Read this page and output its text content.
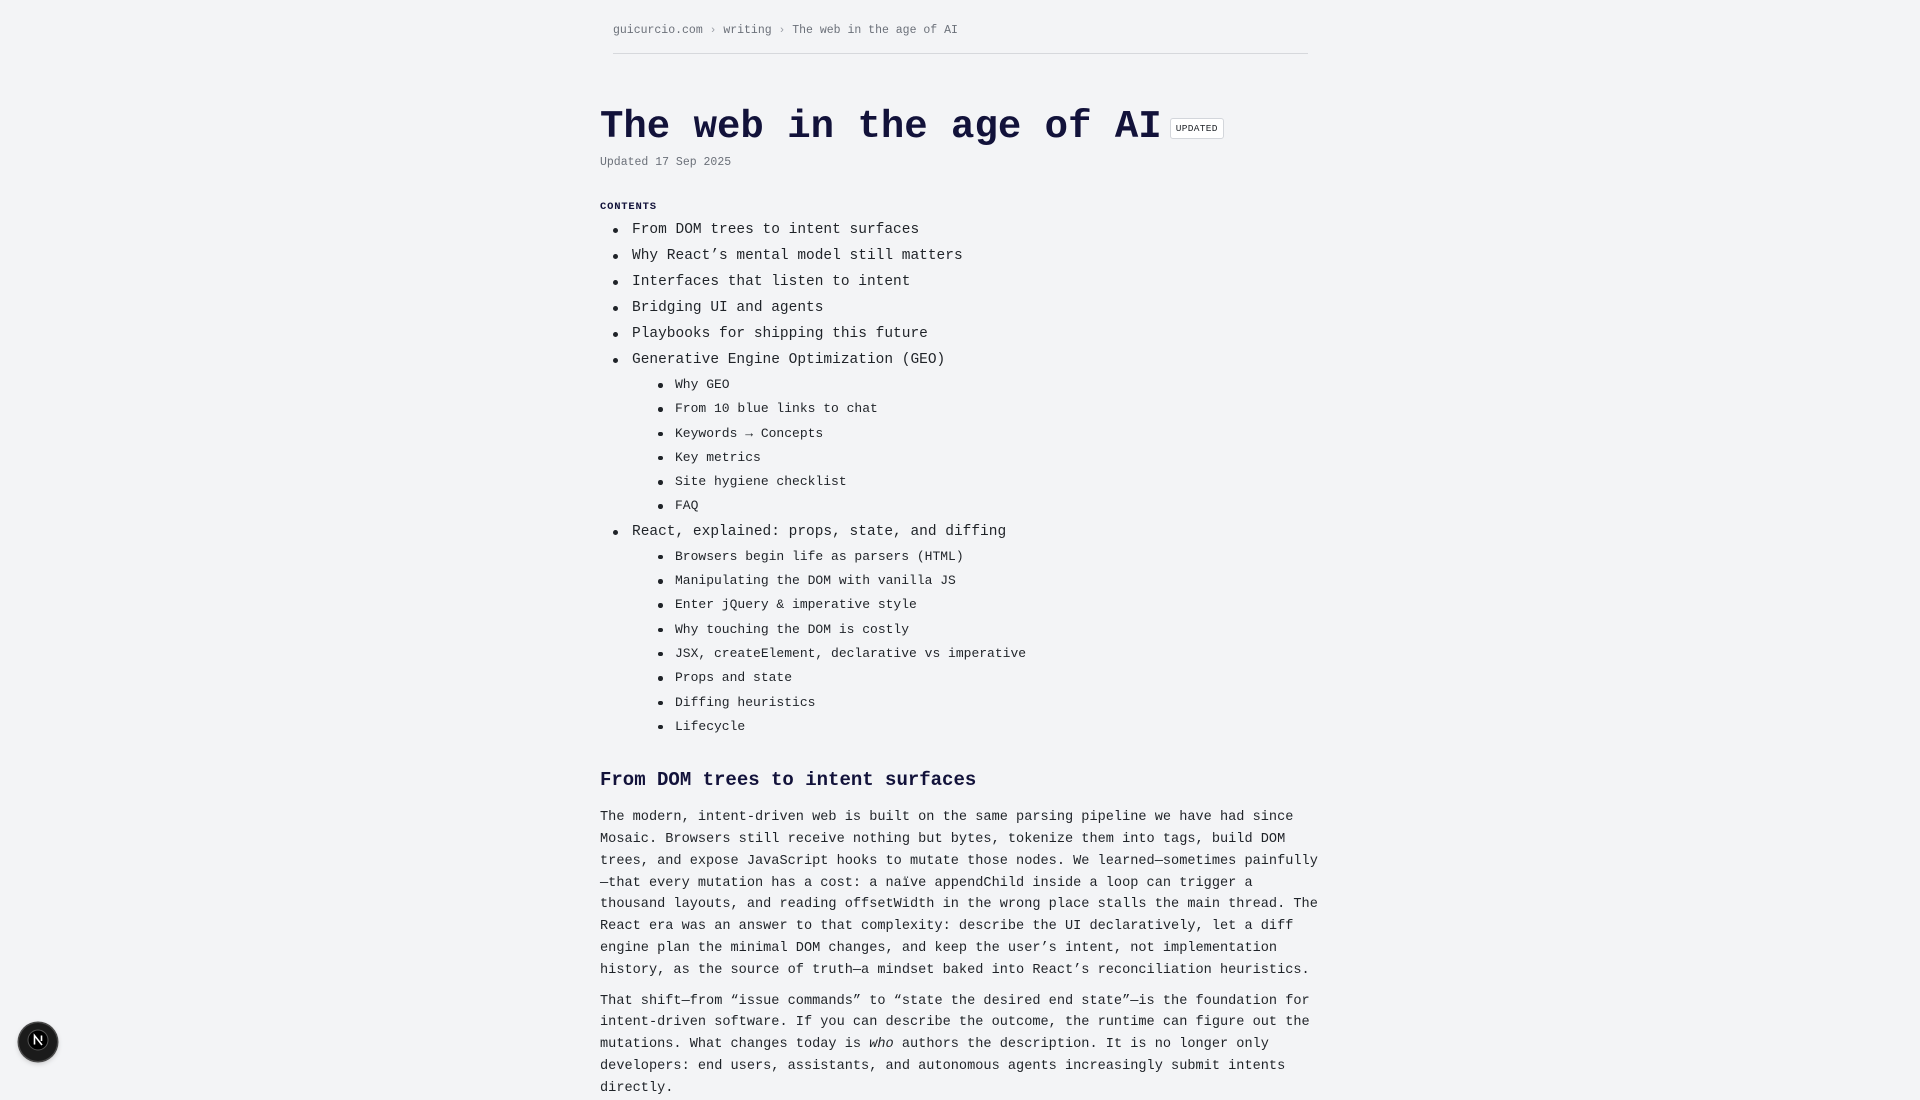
guicurcio.com › writing › The web in the age of AI
The web in the age of AI	UPDATED
Updated 17 Sep 2025
CONTENTS
From DOM trees to intent surfaces
Why React’s mental model still matters
Interfaces that listen to intent
Bridging UI and agents
Playbooks for shipping this future
Generative Engine Optimization (GEO)
Why GEO
From 10 blue links to chat
Keywords → Concepts
Key metrics
Site hygiene checklist
FAQ
React, explained: props, state, and diffing
Browsers begin life as parsers (HTML)
Manipulating the DOM with vanilla JS
Enter jQuery & imperative style
Why touching the DOM is costly
JSX, createElement, declarative vs imperative
Props and state
Diffing heuristics
Lifecycle
From DOM trees to intent surfaces

The modern, intent-driven web is built on the same parsing pipeline we have had since Mosaic. Browsers still receive nothing but bytes, tokenize them into tags, build DOM trees, and expose JavaScript hooks to mutate those nodes. We learned—sometimes painfully—that every mutation has a cost: a naïve appendChild inside a loop can trigger a thousand layouts, and reading offsetWidth in the wrong place stalls the main thread. The React era was an answer to that complexity: describe the UI declaratively, let a diff engine plan the minimal DOM changes, and keep the user’s intent, not implementation history, as the source of truth—a mindset baked into React’s reconciliation heuristics.

That shift—from “issue commands” to “state the desired end state”—is the foundation for intent-driven software. If you can describe the outcome, the runtime can figure out the mutations. What changes today is who authors the description. It is no longer only developers: end users, assistants, and autonomous agents increasingly submit intents directly.
